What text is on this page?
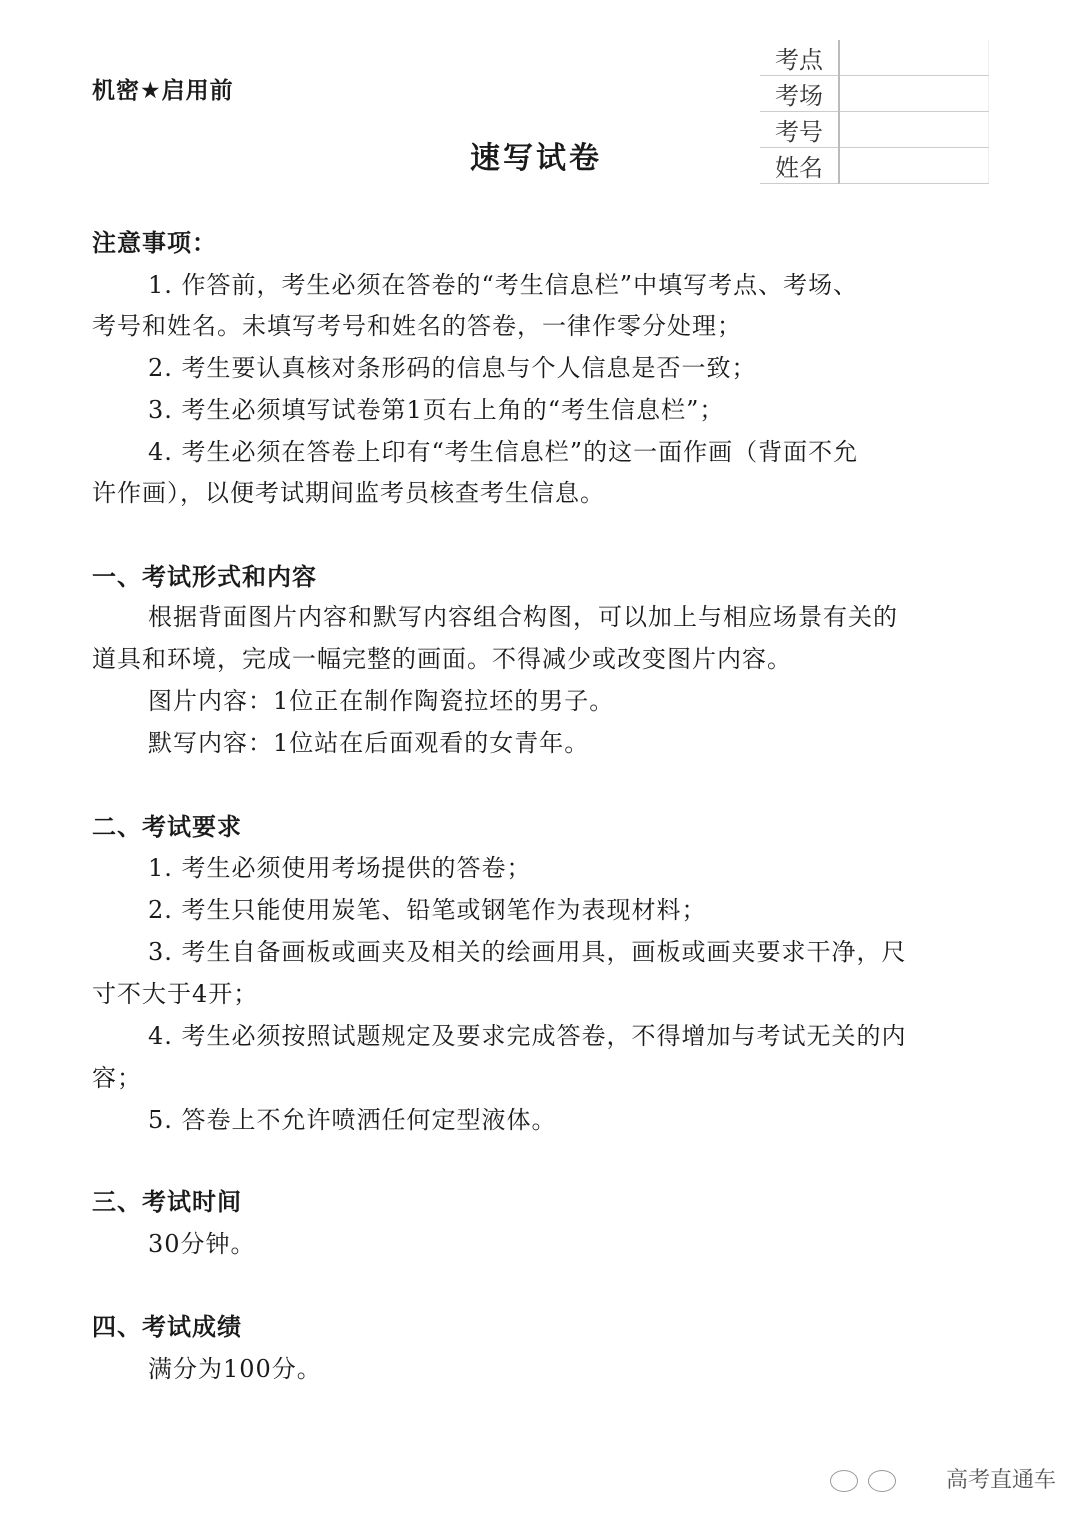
机密★启用前
速写试卷
考点	
考场	
考号	
姓名	
注意事项：
1. 作答前，考生必须在答卷的“考生信息栏”中填写考点、考场、
考号和姓名。未填写考号和姓名的答卷，一律作零分处理；
2. 考生要认真核对条形码的信息与个人信息是否一致；
3. 考生必须填写试卷第1页右上角的“考生信息栏”；
4. 考生必须在答卷上印有“考生信息栏”的这一面作画（背面不允
许作画），以便考试期间监考员核查考生信息。
一、考试形式和内容
根据背面图片内容和默写内容组合构图，可以加上与相应场景有关的
道具和环境，完成一幅完整的画面。不得减少或改变图片内容。
图片内容：1位正在制作陶瓷拉坯的男子。
默写内容：1位站在后面观看的女青年。
二、考试要求
1. 考生必须使用考场提供的答卷；
2. 考生只能使用炭笔、铅笔或钢笔作为表现材料；
3. 考生自备画板或画夹及相关的绘画用具，画板或画夹要求干净，尺
寸不大于4开；
4. 考生必须按照试题规定及要求完成答卷，不得增加与考试无关的内
容；
5. 答卷上不允许喷洒任何定型液体。
三、考试时间
30分钟。
四、考试成绩
满分为100分。
高考直通车
